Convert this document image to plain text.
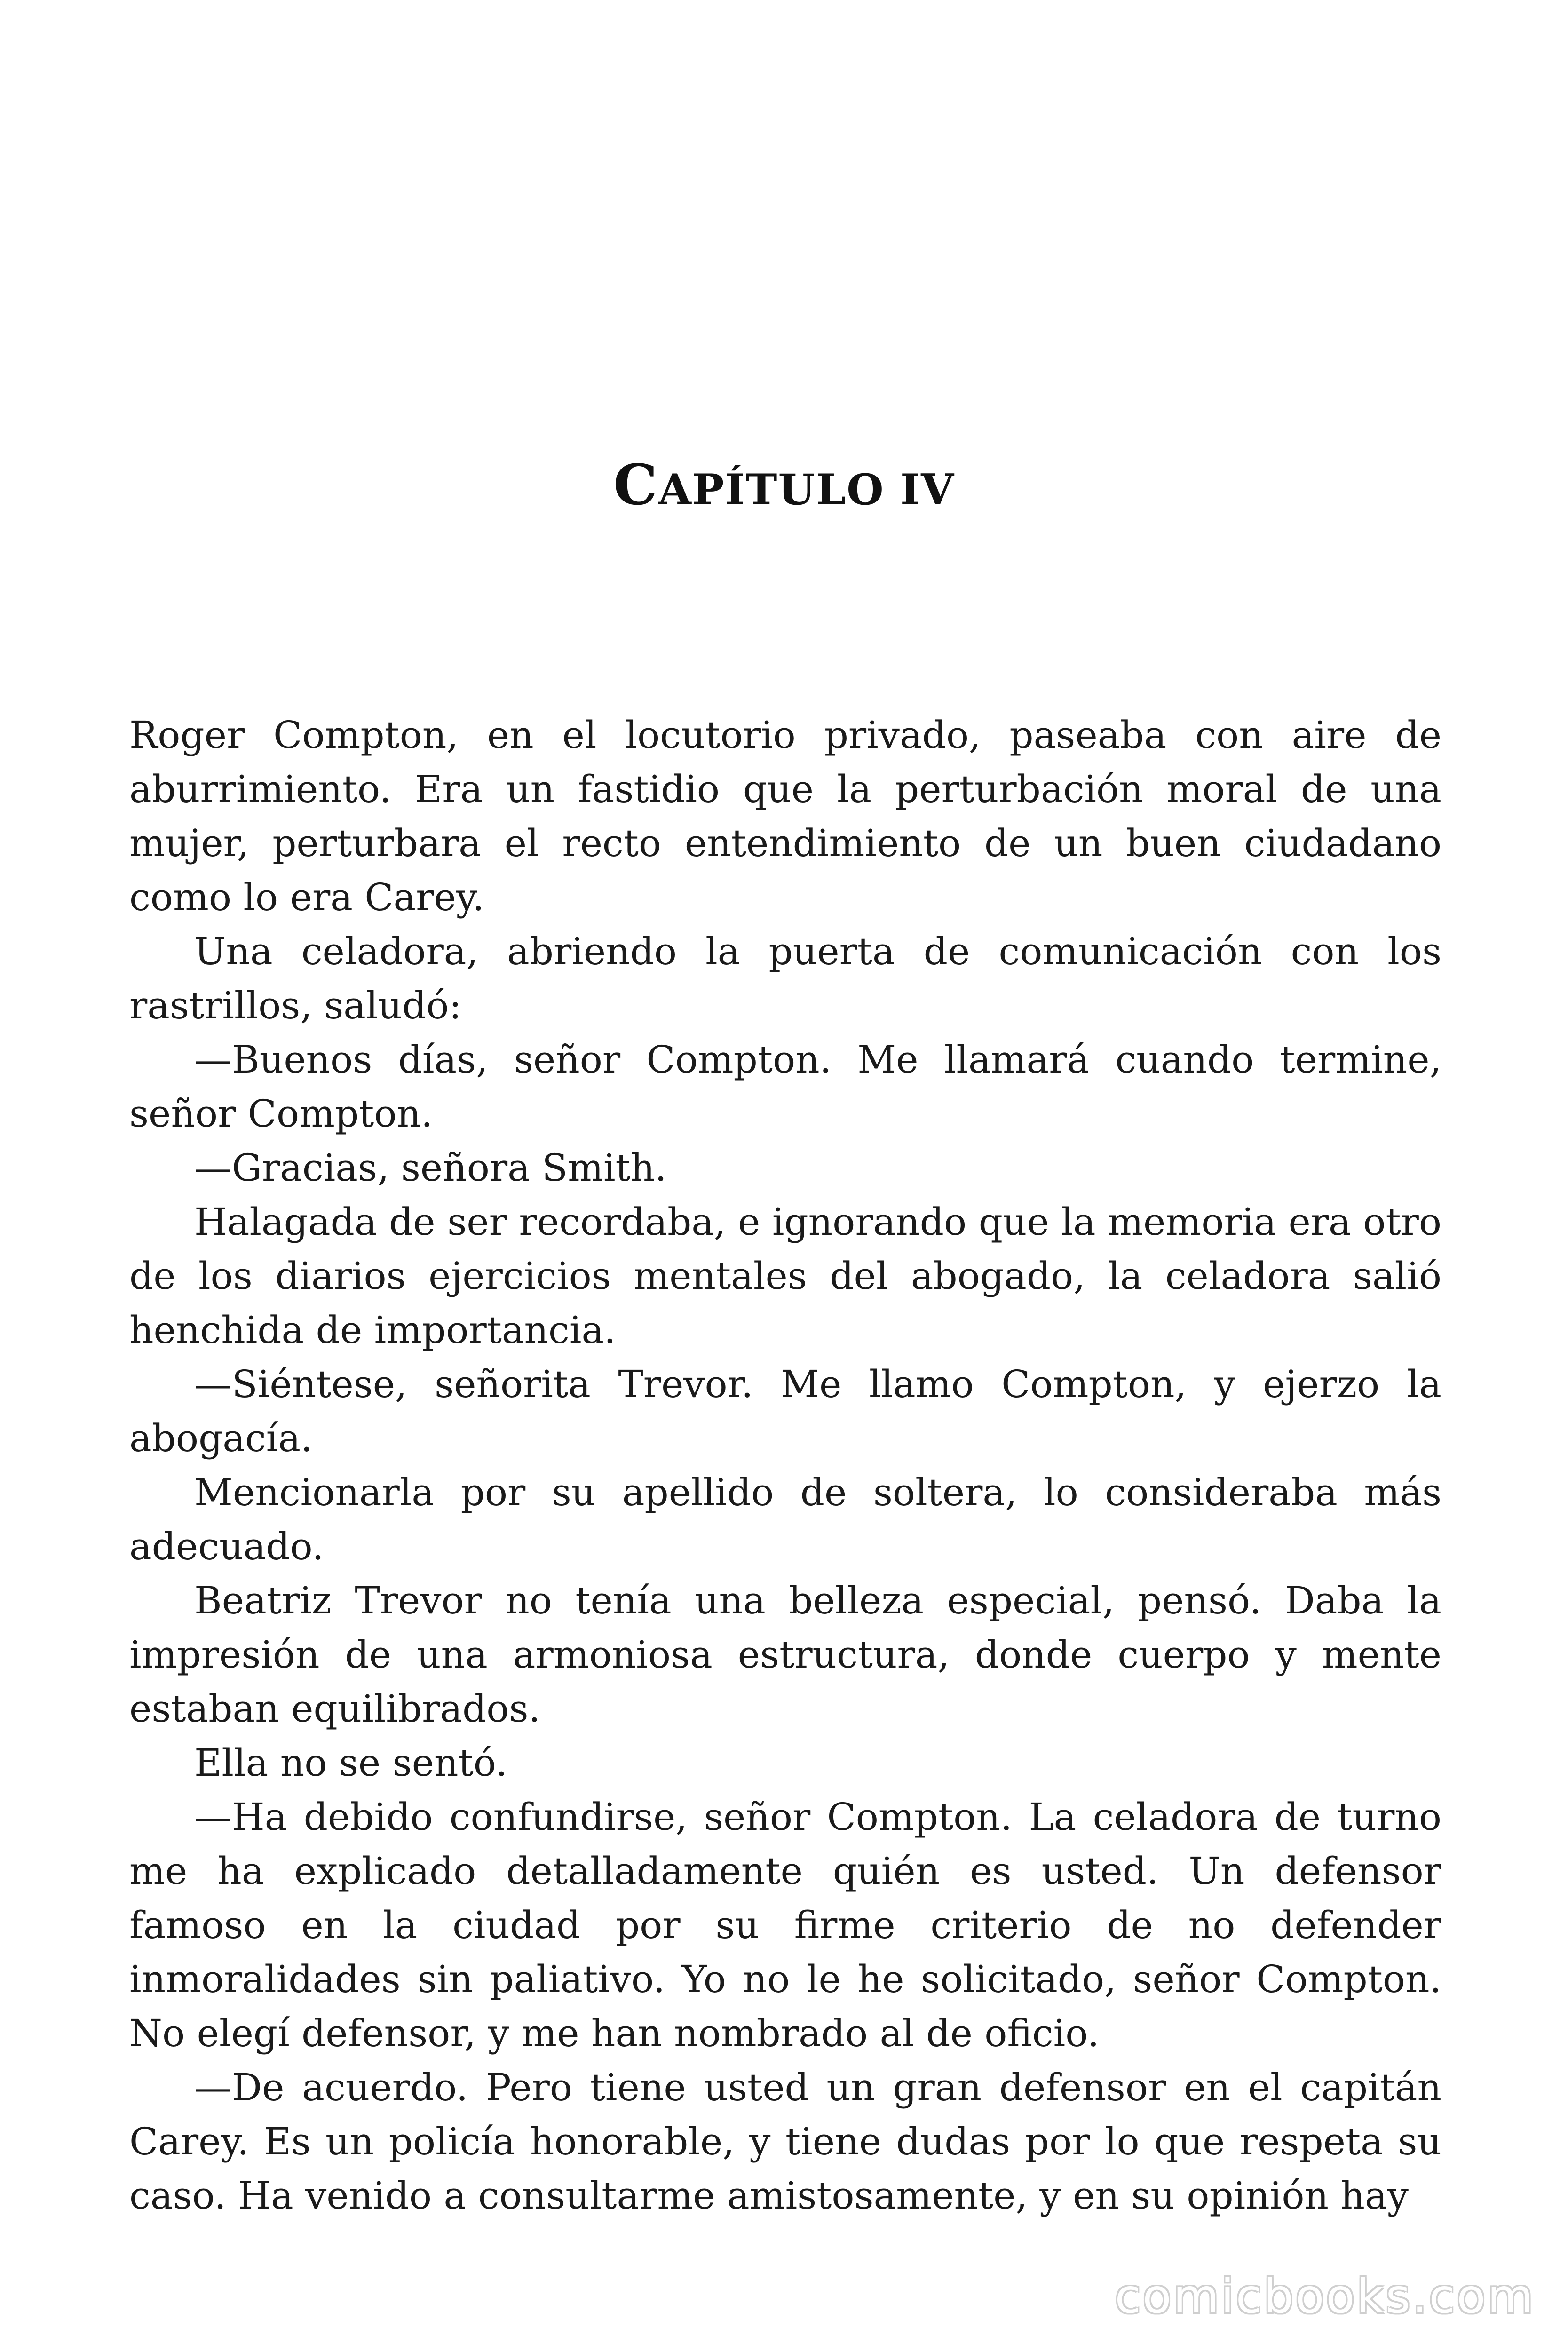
CAPÍTULO IV

Roger Compton, en el locutorio privado, paseaba con aire de aburrimiento. Era un fastidio que la perturbación moral de una mujer, perturbara el recto entendimiento de un buen ciudadano como lo era Carey.

Una celadora, abriendo la puerta de comunicación con los rastrillos, saludó:

—Buenos días, señor Compton. Me llamará cuando termine, señor Compton.

—Gracias, señora Smith.

Halagada de ser recordaba, e ignorando que la memoria era otro de los diarios ejercicios mentales del abogado, la celadora salió henchida de importancia.

—Siéntese, señorita Trevor. Me llamo Compton, y ejerzo la abogacía.

Mencionarla por su apellido de soltera, lo consideraba más adecuado.

Beatriz Trevor no tenía una belleza especial, pensó. Daba la impresión de una armoniosa estructura, donde cuerpo y mente estaban equilibrados.

Ella no se sentó.

—Ha debido confundirse, señor Compton. La celadora de turno me ha explicado detalladamente quién es usted. Un defensor famoso en la ciudad por su firme criterio de no defender inmoralidades sin paliativo. Yo no le he solicitado, señor Compton. No elegí defensor, y me han nombrado al de oficio.

—De acuerdo. Pero tiene usted un gran defensor en el capitán Carey. Es un policía honorable, y tiene dudas por lo que respeta su caso. Ha venido a consultarme amistosamente, y en su opinión hay

comicbooks.com
